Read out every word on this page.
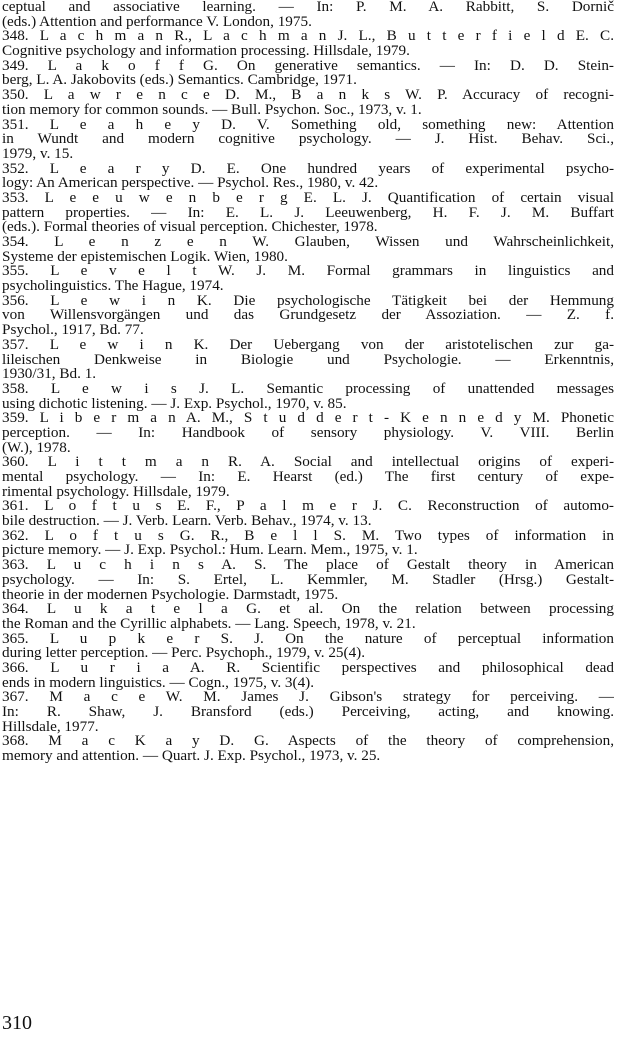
ceptual and associative learning. — In: P. M. A. Rabbitt, S. Dornič
(eds.) Attention and performance V. London, 1975.
348. L a c h m a n R., L a c h m a n J. L., B u t t e r f i e l d E. C.
Cognitive psychology and information processing. Hillsdale, 1979.
349. L a k o f f G. On generative semantics. — In: D. D. Stein-
berg, L. A. Jakobovits (eds.) Semantics. Cambridge, 1971.
350. L a w r e n c e D. M., B a n k s W. P. Accuracy of recogni-
tion memory for common sounds. — Bull. Psychon. Soc., 1973, v. 1.
351. L e a h e y D. V. Something old, something new: Attention
in Wundt and modern cognitive psychology. — J. Hist. Behav. Sci.,
1979, v. 15.
352. L e a r y D. E. One hundred years of experimental psycho-
logy: An American perspective. — Psychol. Res., 1980, v. 42.
353. L e e u w e n b e r g E. L. J. Quantification of certain visual
pattern properties. — In: E. L. J. Leeuwenberg, H. F. J. M. Buffart
(eds.). Formal theories of visual perception. Chichester, 1978.
354. L e n z e n W. Glauben, Wissen und Wahrscheinlichkeit,
Systeme der epistemischen Logik. Wien, 1980.
355. L e v e l t W. J. M. Formal grammars in linguistics and
psycholinguistics. The Hague, 1974.
356. L e w i n K. Die psychologische Tätigkeit bei der Hemmung
von Willensvorgängen und das Grundgesetz der Assoziation. — Z. f.
Psychol., 1917, Bd. 77.
357. L e w i n K. Der Uebergang von der aristotelischen zur ga-
lileischen Denkweise in Biologie und Psychologie. — Erkenntnis,
1930/31, Bd. 1.
358. L e w i s J. L. Semantic processing of unattended messages
using dichotic listening. — J. Exp. Psychol., 1970, v. 85.
359. L i b e r m a n A. M., S t u d d e r t - K e n n e d y M. Phonetic
perception. — In: Handbook of sensory physiology. V. VIII. Berlin
(W.), 1978.
360. L i t t m a n R. A. Social and intellectual origins of experi-
mental psychology. — In: E. Hearst (ed.) The first century of expe-
rimental psychology. Hillsdale, 1979.
361. L o f t u s E. F., P a l m e r J. C. Reconstruction of automo-
bile destruction. — J. Verb. Learn. Verb. Behav., 1974, v. 13.
362. L o f t u s G. R., B e l l S. M. Two types of information in
picture memory. — J. Exp. Psychol.: Hum. Learn. Mem., 1975, v. 1.
363. L u c h i n s A. S. The place of Gestalt theory in American
psychology. — In: S. Ertel, L. Kemmler, M. Stadler (Hrsg.) Gestalt-
theorie in der modernen Psychologie. Darmstadt, 1975.
364. L u k a t e l a G. et al. On the relation between processing
the Roman and the Cyrillic alphabets. — Lang. Speech, 1978, v. 21.
365. L u p k e r S. J. On the nature of perceptual information
during letter perception. — Perc. Psychoph., 1979, v. 25(4).
366. L u r i a A. R. Scientific perspectives and philosophical dead
ends in modern linguistics. — Cogn., 1975, v. 3(4).
367. M a c e W. M. James J. Gibson's strategy for perceiving. —
In: R. Shaw, J. Bransford (eds.) Perceiving, acting, and knowing.
Hillsdale, 1977.
368. M a c K a y D. G. Aspects of the theory of comprehension,
memory and attention. — Quart. J. Exp. Psychol., 1973, v. 25.
310
